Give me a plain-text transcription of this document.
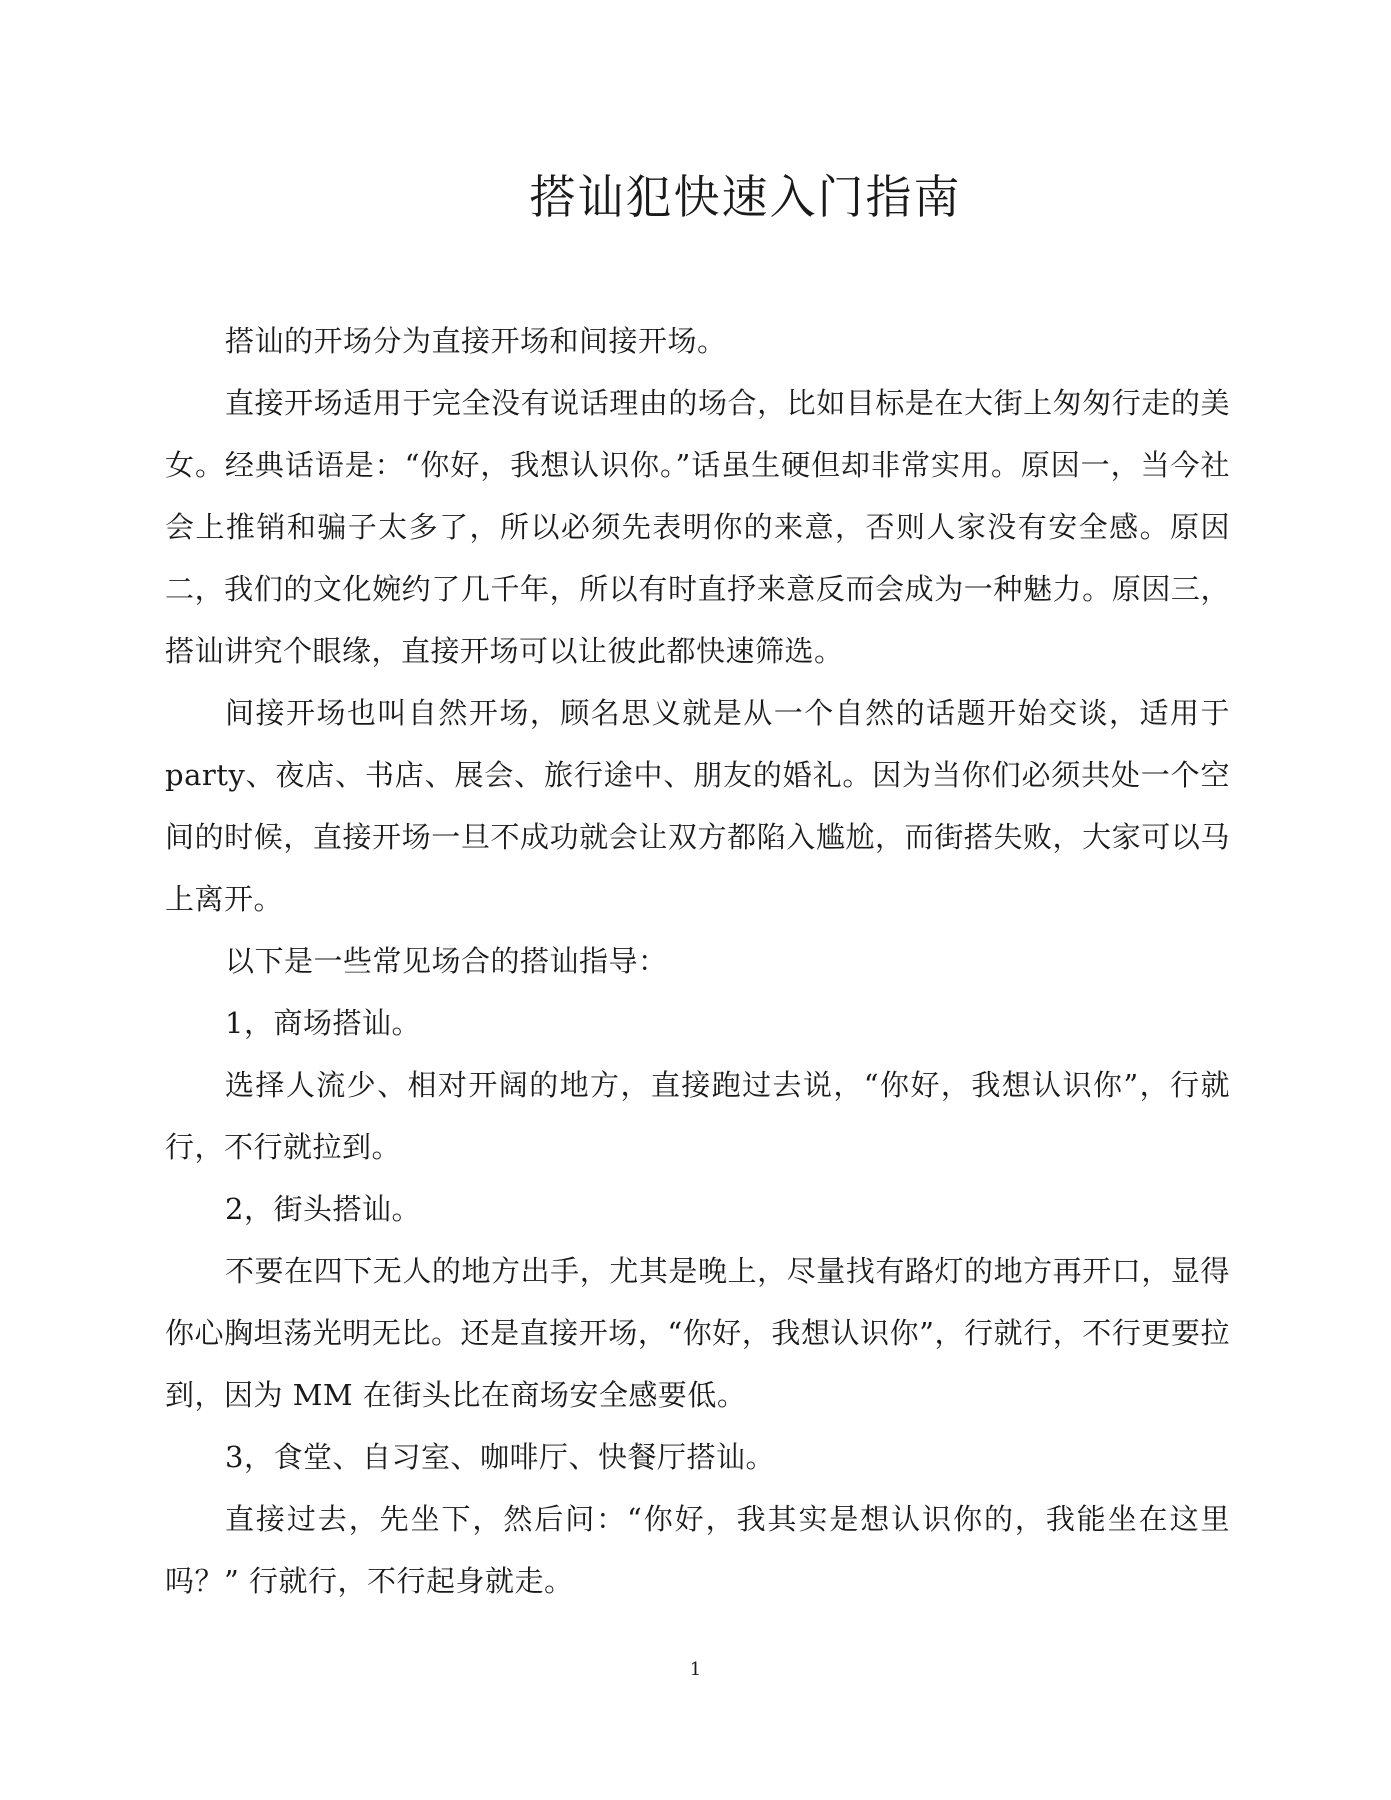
搭讪犯快速入门指南

搭讪的开场分为直接开场和间接开场。

直接开场适用于完全没有说话理由的场合，比如目标是在大街上匆匆行走的美女。经典话语是：“你好，我想认识你。”话虽生硬但却非常实用。原因一，当今社会上推销和骗子太多了，所以必须先表明你的来意，否则人家没有安全感。原因二，我们的文化婉约了几千年，所以有时直抒来意反而会成为一种魅力。原因三，搭讪讲究个眼缘，直接开场可以让彼此都快速筛选。

间接开场也叫自然开场，顾名思义就是从一个自然的话题开始交谈，适用于 party、夜店、书店、展会、旅行途中、朋友的婚礼。因为当你们必须共处一个空间的时候，直接开场一旦不成功就会让双方都陷入尴尬，而街搭失败，大家可以马上离开。

以下是一些常见场合的搭讪指导：

1，商场搭讪。

选择人流少、相对开阔的地方，直接跑过去说，“你好，我想认识你”，行就行，不行就拉到。

2，街头搭讪。

不要在四下无人的地方出手，尤其是晚上，尽量找有路灯的地方再开口，显得你心胸坦荡光明无比。还是直接开场，“你好，我想认识你”，行就行，不行更要拉到，因为 MM 在街头比在商场安全感要低。

3，食堂、自习室、咖啡厅、快餐厅搭讪。

直接过去，先坐下，然后问：“你好，我其实是想认识你的，我能坐在这里吗？” 行就行，不行起身就走。

1
